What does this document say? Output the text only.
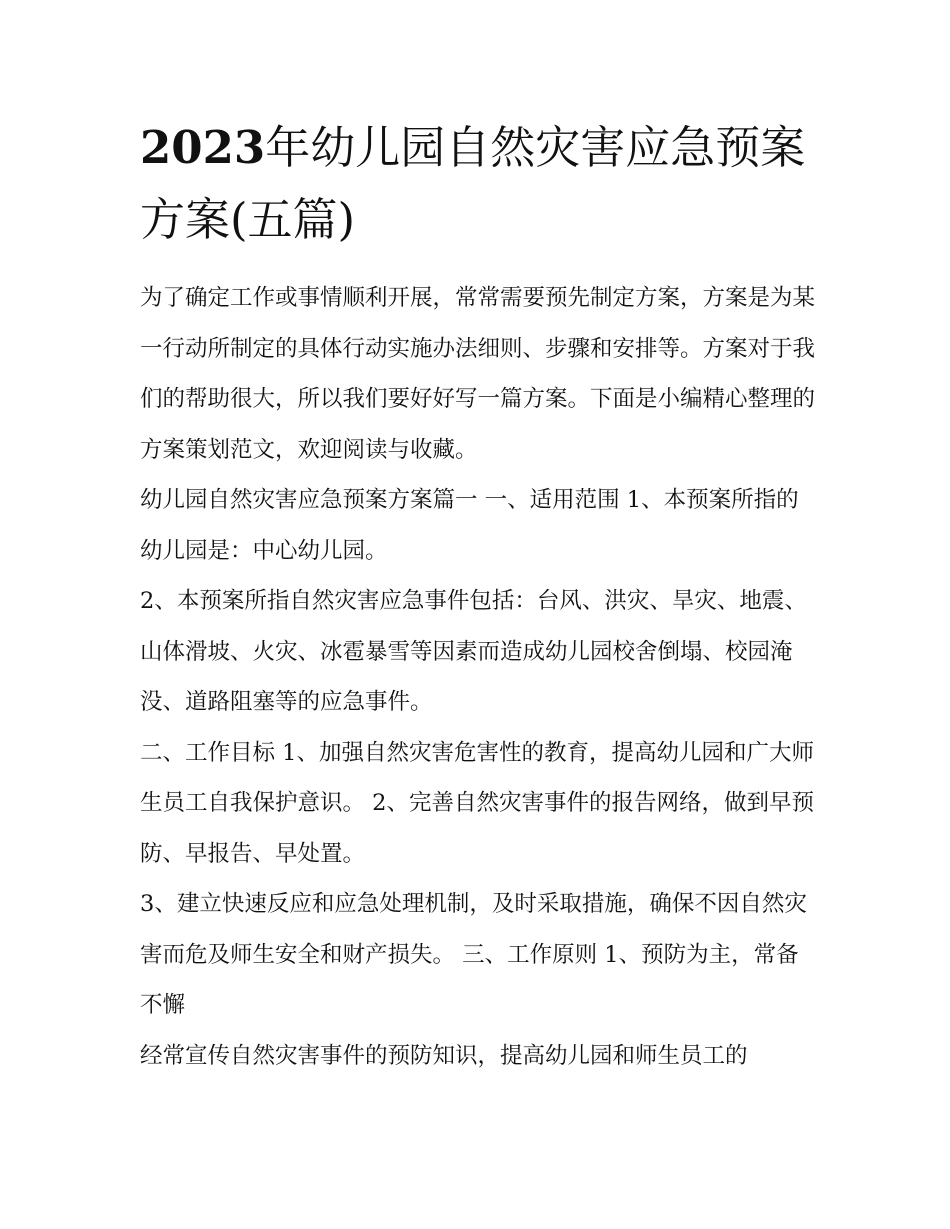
2023年幼儿园自然灾害应急预案方案(五篇)

为了确定工作或事情顺利开展，常常需要预先制定方案，方案是为某一行动所制定的具体行动实施办法细则、步骤和安排等。方案对于我们的帮助很大，所以我们要好好写一篇方案。下面是小编精心整理的方案策划范文，欢迎阅读与收藏。

幼儿园自然灾害应急预案方案篇一 一、适用范围 1、本预案所指的幼儿园是：中心幼儿园。

2、本预案所指自然灾害应急事件包括：台风、洪灾、旱灾、地震、山体滑坡、火灾、冰雹暴雪等因素而造成幼儿园校舍倒塌、校园淹没、道路阻塞等的应急事件。

二、工作目标 1、加强自然灾害危害性的教育，提高幼儿园和广大师生员工自我保护意识。 2、完善自然灾害事件的报告网络，做到早预防、早报告、早处置。

3、建立快速反应和应急处理机制，及时采取措施，确保不因自然灾害而危及师生安全和财产损失。 三、工作原则 1、预防为主，常备不懈

经常宣传自然灾害事件的预防知识，提高幼儿园和师生员工的
